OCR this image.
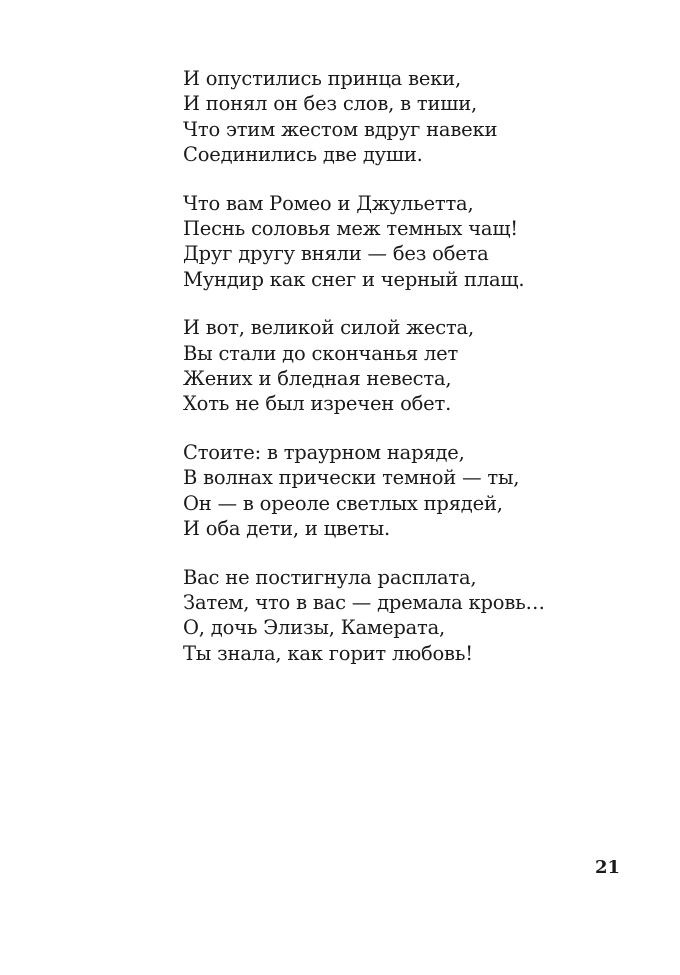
И опустились принца веки,
И понял он без слов, в тиши,
Что этим жестом вдруг навеки
Соединились две души.
Что вам Ромео и Джульетта,
Песнь соловья меж темных чащ!
Друг другу вняли — без обета
Мундир как снег и черный плащ.
И вот, великой силой жеста,
Вы стали до скончанья лет
Жених и бледная невеста,
Хоть не был изречен обет.
Стоите: в траурном наряде,
В волнах прически темной — ты,
Он — в ореоле светлых прядей,
И оба дети, и цветы.
Вас не постигнула расплата,
Затем, что в вас — дремала кровь…
О, дочь Элизы, Камерата,
Ты знала, как горит любовь!
21
